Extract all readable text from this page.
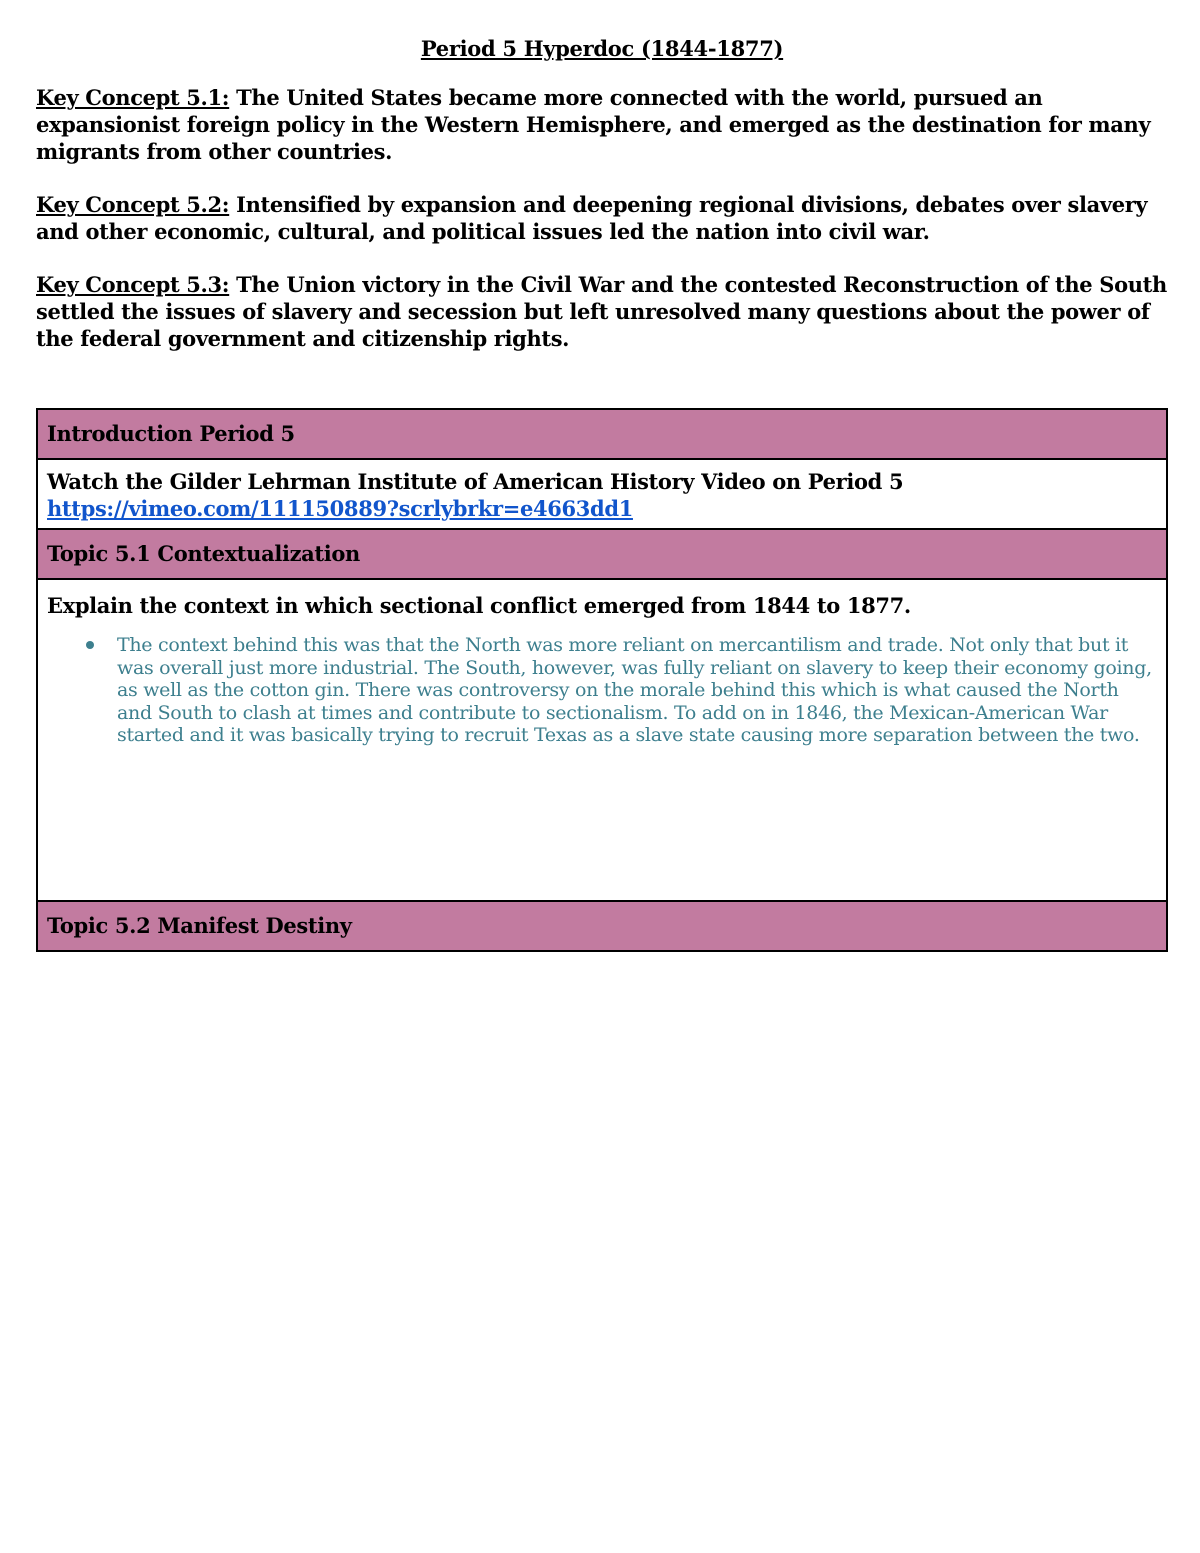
Period 5 Hyperdoc (1844-1877)

Key Concept 5.1: The United States became more connected with the world, pursued an expansionist foreign policy in the Western Hemisphere, and emerged as the destination for many migrants from other countries.

Key Concept 5.2: Intensified by expansion and deepening regional divisions, debates over slavery and other economic, cultural, and political issues led the nation into civil war.

Key Concept 5.3: The Union victory in the Civil War and the contested Reconstruction of the South settled the issues of slavery and secession but left unresolved many questions about the power of the federal government and citizenship rights.

Introduction Period 5

Watch the Gilder Lehrman Institute of American History Video on Period 5
https://vimeo.com/111150889?scrlybrkr=e4663dd1
Topic 5.1 Contextualization

Explain the context in which sectional conflict emerged from 1844 to 1877.
The context behind this was that the North was more reliant on mercantilism and trade. Not only that but it was overall just more industrial. The South, however, was fully reliant on slavery to keep their economy going, as well as the cotton gin. There was controversy on the morale behind this which is what caused the North and South to clash at times and contribute to sectionalism. To add on in 1846, the Mexican-American War started and it was basically trying to recruit Texas as a slave state causing more separation between the two.

Topic 5.2 Manifest Destiny
